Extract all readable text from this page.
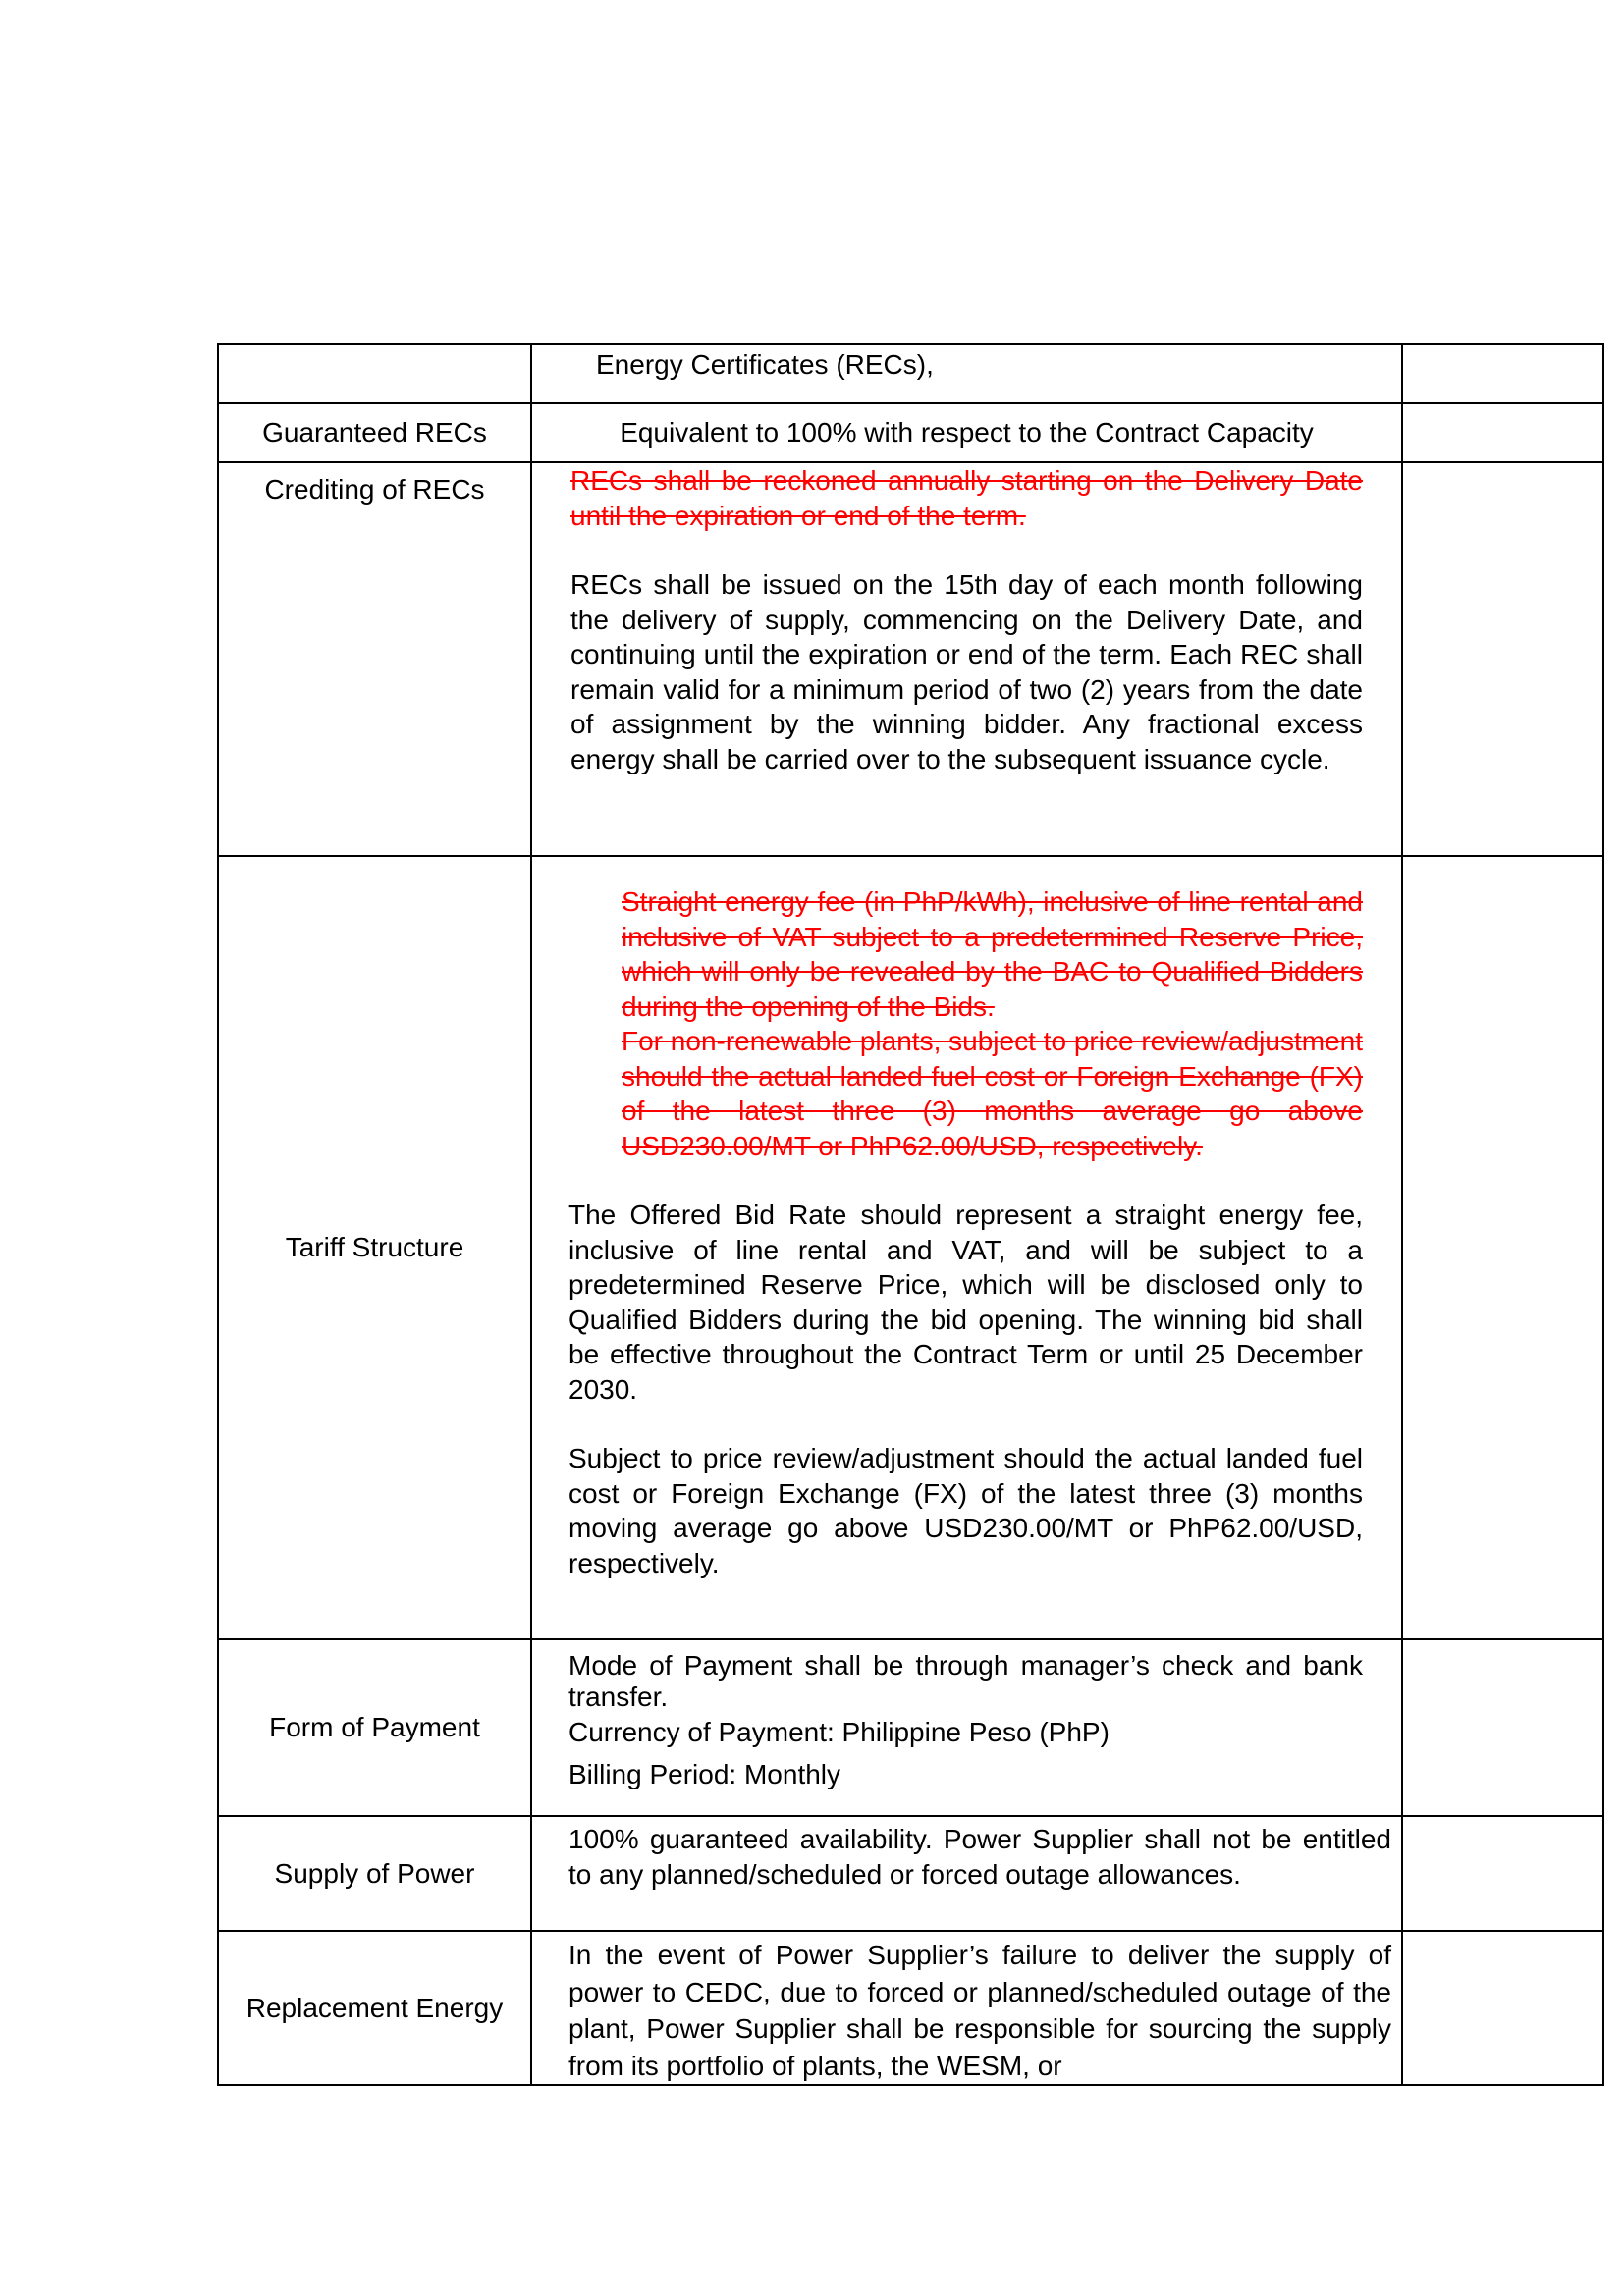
	Energy Certificates (RECs),	

Guaranteed RECs	Equivalent to 100% with respect to the Contract Capacity	

Crediting of RECs	RECs shall be reckoned annually starting on the Delivery Date until the expiration or end of the term.

RECs shall be issued on the 15th day of each month following the delivery of supply, commencing on the Delivery Date, and continuing until the expiration or end of the term. Each REC shall remain valid for a minimum period of two (2) years from the date of assignment by the winning bidder. Any fractional excess energy shall be carried over to the subsequent issuance cycle.	

Tariff Structure	Straight energy fee (in PhP/kWh), inclusive of line rental and inclusive of VAT subject to a predetermined Reserve Price, which will only be revealed by the BAC to Qualified Bidders during the opening of the Bids.

For non-renewable plants, subject to price review/adjustment should the actual landed fuel cost or Foreign Exchange (FX) of the latest three (3) months average go above USD230.00/MT or PhP62.00/USD, respectively.

The Offered Bid Rate should represent a straight energy fee, inclusive of line rental and VAT, and will be subject to a predetermined Reserve Price, which will be disclosed only to Qualified Bidders during the bid opening. The winning bid shall be effective throughout the Contract Term or until 25 December 2030.

Subject to price review/adjustment should the actual landed fuel cost or Foreign Exchange (FX) of the latest three (3) months moving average go above USD230.00/MT or PhP62.00/USD, respectively.	

Form of Payment	Mode of Payment shall be through manager’s check and bank transfer.

Currency of Payment: Philippine Peso (PhP)

Billing Period: Monthly	

Supply of Power	100% guaranteed availability. Power Supplier shall not be entitled to any planned/scheduled or forced outage allowances.	

Replacement Energy	In the event of Power Supplier’s failure to deliver the supply of power to CEDC, due to forced or planned/scheduled outage of the plant, Power Supplier shall be responsible for sourcing the supply from its portfolio of plants, the WESM, or	
